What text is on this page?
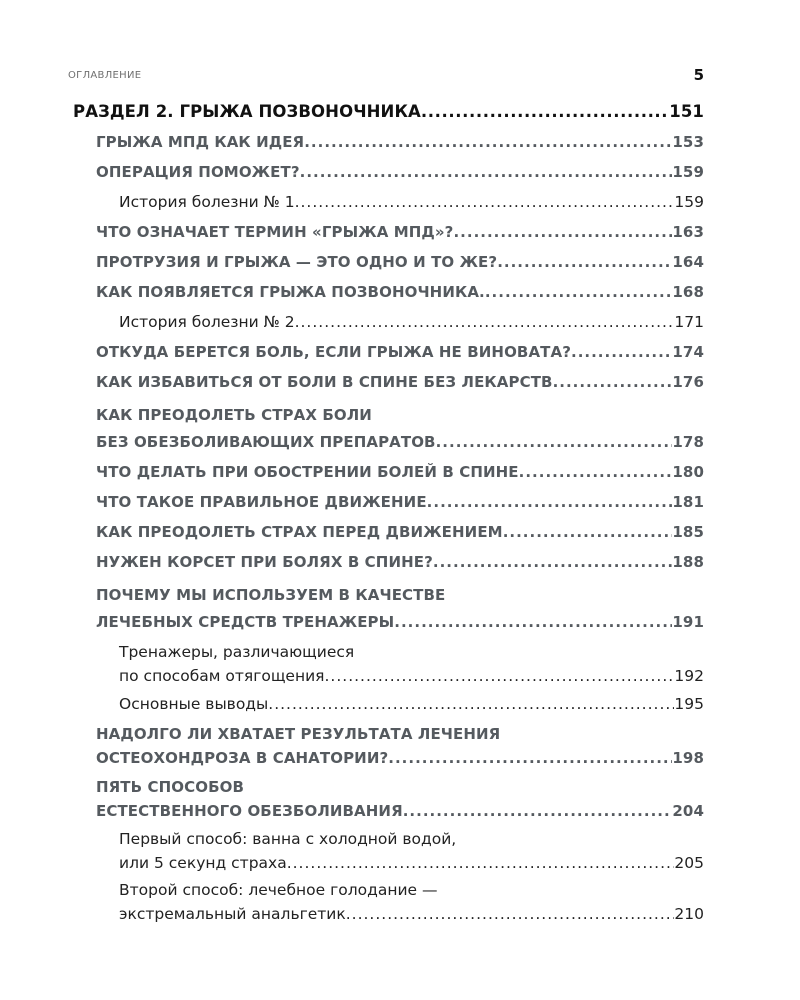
ОГЛАВЛЕНИЕ	5
РАЗДЕЛ 2. ГРЫЖА ПОЗВОНОЧНИКА .....	151
ГРЫЖА МПД КАК ИДЕЯ .....	153
ОПЕРАЦИЯ ПОМОЖЕТ? .....	159
История болезни № 1 .....	159
ЧТО ОЗНАЧАЕТ ТЕРМИН «ГРЫЖА МПД»? .....	163
ПРОТРУЗИЯ И ГРЫЖА — ЭТО ОДНО И ТО ЖЕ? .....	164
КАК ПОЯВЛЯЕТСЯ ГРЫЖА ПОЗВОНОЧНИКА. .....	168
История болезни № 2 .....	171
ОТКУДА БЕРЕТСЯ БОЛЬ, ЕСЛИ ГРЫЖА НЕ ВИНОВАТА? .....	174
КАК ИЗБАВИТЬСЯ ОТ БОЛИ В СПИНЕ БЕЗ ЛЕКАРСТВ .....	176
КАК ПРЕОДОЛЕТЬ СТРАХ БОЛИ
БЕЗ ОБЕЗБОЛИВАЮЩИХ ПРЕПАРАТОВ .....	178
ЧТО ДЕЛАТЬ ПРИ ОБОСТРЕНИИ БОЛЕЙ В СПИНЕ .....	180
ЧТО ТАКОЕ ПРАВИЛЬНОЕ ДВИЖЕНИЕ .....	181
КАК ПРЕОДОЛЕТЬ СТРАХ ПЕРЕД ДВИЖЕНИЕМ .....	185
НУЖЕН КОРСЕТ ПРИ БОЛЯХ В СПИНЕ? .....	188
ПОЧЕМУ МЫ ИСПОЛЬЗУЕМ В КАЧЕСТВЕ
ЛЕЧЕБНЫХ СРЕДСТВ ТРЕНАЖЕРЫ .....	191
Тренажеры, различающиеся
по способам отягощения .....	192
Основные выводы .....	195
НАДОЛГО ЛИ ХВАТАЕТ РЕЗУЛЬТАТА ЛЕЧЕНИЯ
ОСТЕОХОНДРОЗА В САНАТОРИИ? .....	198
ПЯТЬ СПОСОБОВ
ЕСТЕСТВЕННОГО ОБЕЗБОЛИВАНИЯ .....	204
Первый способ: ванна с холодной водой,
или 5 секунд страха .....	205
Второй способ: лечебное голодание —
экстремальный анальгетик .....	210
